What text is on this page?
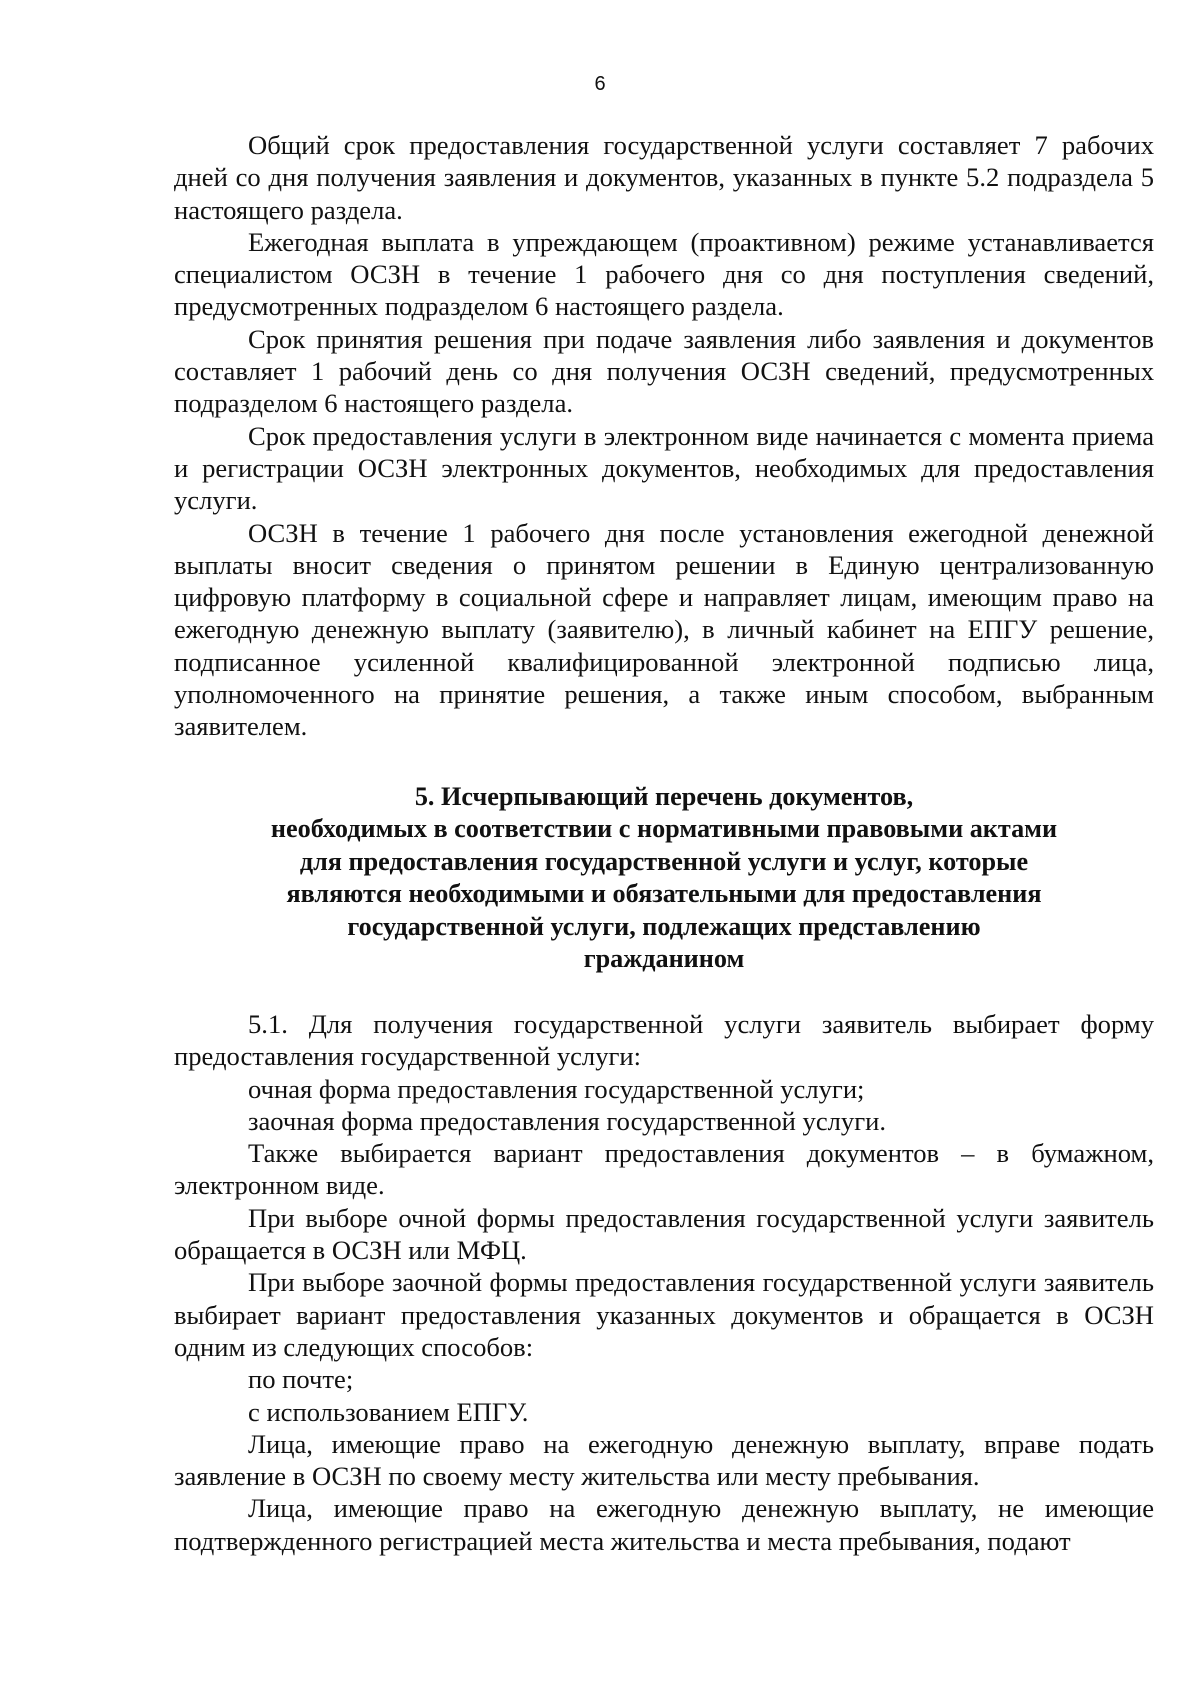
6

Общий срок предоставления государственной услуги составляет 7 рабочих дней со дня получения заявления и документов, указанных в пункте 5.2 подраздела 5 настоящего раздела.

Ежегодная выплата в упреждающем (проактивном) режиме устанавливается специалистом ОСЗН в течение 1 рабочего дня со дня поступления сведений, предусмотренных подразделом 6 настоящего раздела.

Срок принятия решения при подаче заявления либо заявления и документов составляет 1 рабочий день со дня получения ОСЗН сведений, предусмотренных подразделом 6 настоящего раздела.

Срок предоставления услуги в электронном виде начинается с момента приема и регистрации ОСЗН электронных документов, необходимых для предоставления услуги.

ОСЗН в течение 1 рабочего дня после установления ежегодной денежной выплаты вносит сведения о принятом решении в Единую централизованную цифровую платформу в социальной сфере и направляет лицам, имеющим право на ежегодную денежную выплату (заявителю), в личный кабинет на ЕПГУ решение, подписанное усиленной квалифицированной электронной подписью лица, уполномоченного на принятие решения, а также иным способом, выбранным заявителем.

5. Исчерпывающий перечень документов,
необходимых в соответствии с нормативными правовыми актами
для предоставления государственной услуги и услуг, которые
являются необходимыми и обязательными для предоставления
государственной услуги, подлежащих представлению
гражданином

5.1. Для получения государственной услуги заявитель выбирает форму предоставления государственной услуги:

очная форма предоставления государственной услуги;

заочная форма предоставления государственной услуги.

Также выбирается вариант предоставления документов – в бумажном, электронном виде.

При выборе очной формы предоставления государственной услуги заявитель обращается в ОСЗН или МФЦ.

При выборе заочной формы предоставления государственной услуги заявитель выбирает вариант предоставления указанных документов и обращается в ОСЗН одним из следующих способов:

по почте;

с использованием ЕПГУ.

Лица, имеющие право на ежегодную денежную выплату, вправе подать заявление в ОСЗН по своему месту жительства или месту пребывания.

Лица, имеющие право на ежегодную денежную выплату, не имеющие подтвержденного регистрацией места жительства и места пребывания, подают
